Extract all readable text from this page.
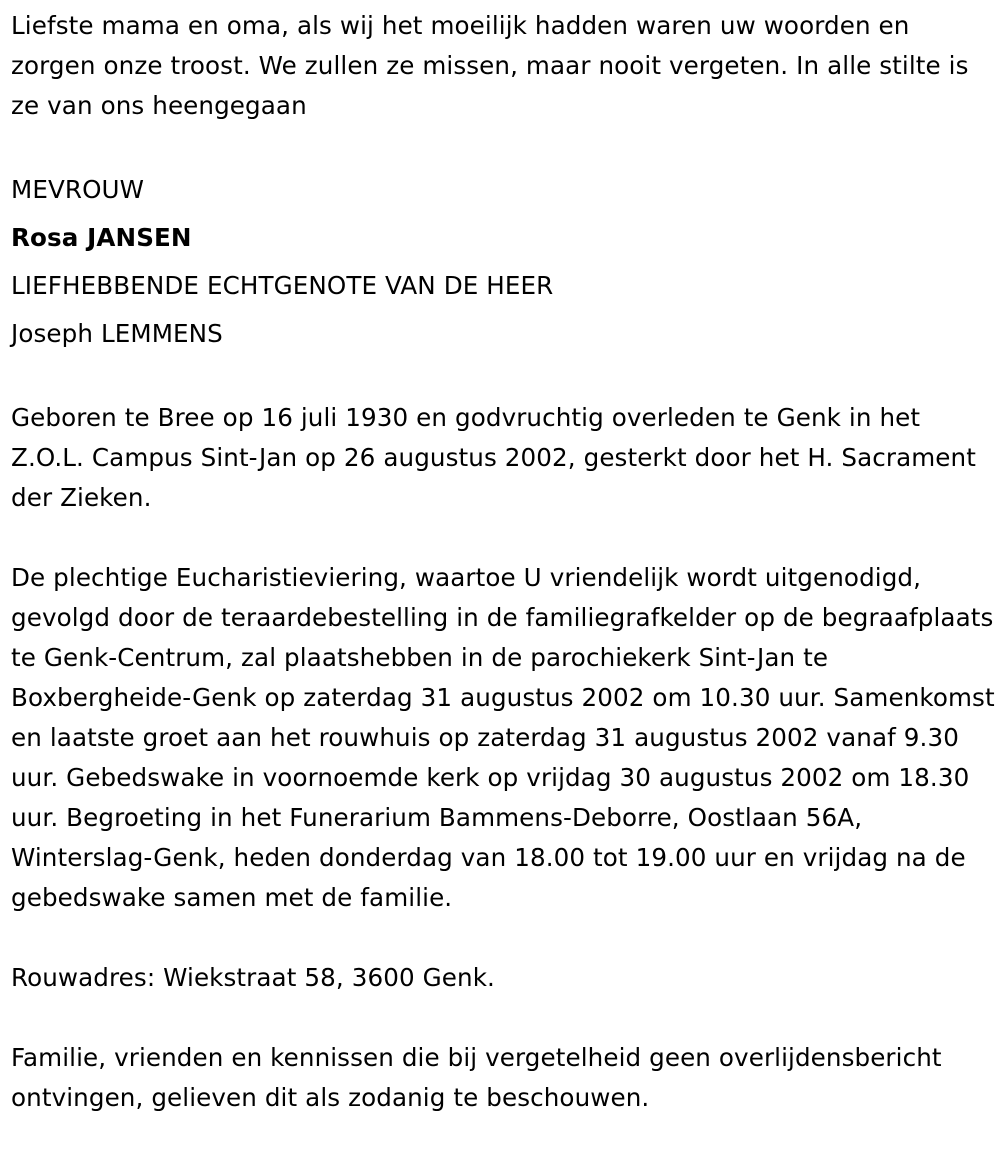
Liefste mama en oma, als wij het moeilijk hadden waren uw woorden en zorgen onze troost. We zullen ze missen, maar nooit vergeten. In alle stilte is ze van ons heengegaan

MEVROUW

Rosa JANSEN

LIEFHEBBENDE ECHTGENOTE VAN DE HEER

Joseph LEMMENS

Geboren te Bree op 16 juli 1930 en godvruchtig overleden te Genk in het Z.O.L. Campus Sint-Jan op 26 augustus 2002, gesterkt door het H. Sacrament der Zieken.

De plechtige Eucharistieviering, waartoe U vriendelijk wordt uitgenodigd, gevolgd door de teraardebestelling in de familiegrafkelder op de begraafplaats te Genk-Centrum, zal plaatshebben in de parochiekerk Sint-Jan te Boxbergheide-Genk op zaterdag 31 augustus 2002 om 10.30 uur. Samenkomst en laatste groet aan het rouwhuis op zaterdag 31 augustus 2002 vanaf 9.30 uur. Gebedswake in voornoemde kerk op vrijdag 30 augustus 2002 om 18.30 uur. Begroeting in het Funerarium Bammens-Deborre, Oostlaan 56A, Winterslag-Genk, heden donderdag van 18.00 tot 19.00 uur en vrijdag na de gebedswake samen met de familie.

Rouwadres: Wiekstraat 58, 3600 Genk.

Familie, vrienden en kennissen die bij vergetelheid geen overlijdensbericht ontvingen, gelieven dit als zodanig te beschouwen.
